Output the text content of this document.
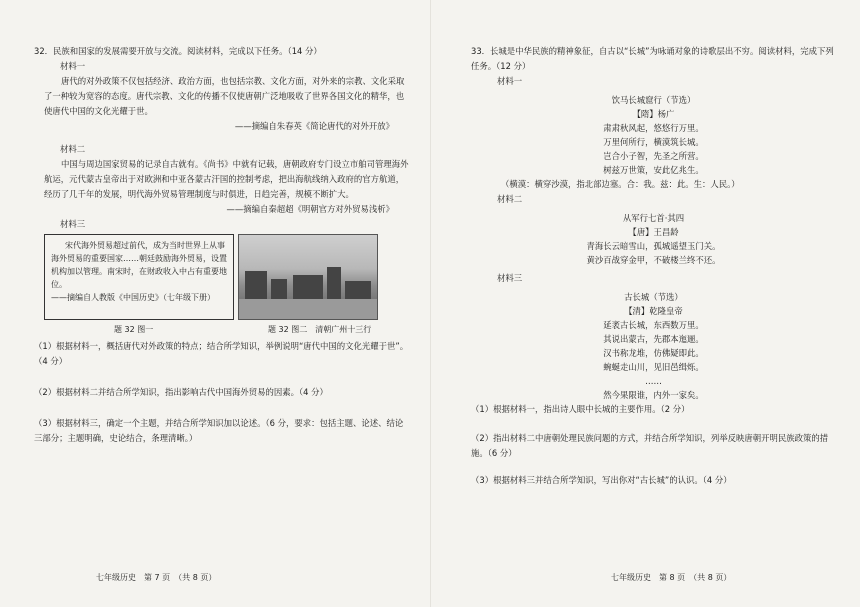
32．民族和国家的发展需要开放与交流。阅读材料，完成以下任务。（14 分）

材料一

唐代的对外政策不仅包括经济、政治方面，也包括宗教、文化方面，对外来的宗教、文化采取了一种较为宽容的态度。唐代宗教、文化的传播不仅使唐朝广泛地吸收了世界各国文化的精华，也使唐代中国的文化光耀于世。

——摘编自朱春英《简论唐代的对外开放》

材料二

中国与周边国家贸易的记录自古就有。《尚书》中就有记载，唐朝政府专门设立市舶司管理海外航运，元代蒙古皇帝出于对欧洲和中亚各蒙古汗国的控制考虑，把出海航线纳入政府的官方航道，经历了几千年的发展，明代海外贸易管理制度与时俱进，日趋完善，规模不断扩大。

——摘编自秦超超《明朝官方对外贸易浅析》

材料三

宋代海外贸易超过前代，成为当时世界上从事海外贸易的重要国家……朝廷鼓励海外贸易，设置机构加以管理。南宋时，在财政收入中占有重要地位。
——摘编自人教版《中国历史》（七年级下册）
题 32 图一	题 32 图二　清朝广州十三行

（1）根据材料一，概括唐代对外政策的特点；结合所学知识，举例说明“唐代中国的文化光耀于世”。（4 分）

（2）根据材料二并结合所学知识，指出影响古代中国海外贸易的因素。（4 分）

（3）根据材料三，确定一个主题，并结合所学知识加以论述。（6 分，要求：包括主题、论述、结论三部分；主题明确，史论结合，条理清晰。）

七年级历史　第 7 页　（共 8 页）

33．长城是中华民族的精神象征，自古以“长城”为咏诵对象的诗歌层出不穷。阅读材料，完成下列任务。（12 分）

材料一

饮马长城窟行（节选）

【隋】杨广

肃肃秋风起，悠悠行万里。

万里何所行，横漠筑长城。

岂合小子智，先圣之所营。

树兹万世策，安此亿兆生。

（横漠：横穿沙漠，指北部边塞。合：我。兹：此。生：人民。）

材料二

从军行七首·其四

【唐】王昌龄

青海长云暗雪山，孤城遥望玉门关。

黄沙百战穿金甲，不破楼兰终不还。

材料三

古长城（节选）

【清】乾隆皇帝

延袤古长城，东西数万里。

其说出蒙古，先郡本迤逦。

汉书称龙堆，仿佛疑即此。

蜿蜒走山川，见旧邑缉烁。

……

然今果限谁，内外一家矣。

（1）根据材料一，指出诗人眼中长城的主要作用。（2 分）

（2）指出材料二中唐朝处理民族问题的方式，并结合所学知识，列举反映唐朝开明民族政策的措施。（6 分）

（3）根据材料三并结合所学知识，写出你对“古长城”的认识。（4 分）

七年级历史　第 8 页　（共 8 页）
